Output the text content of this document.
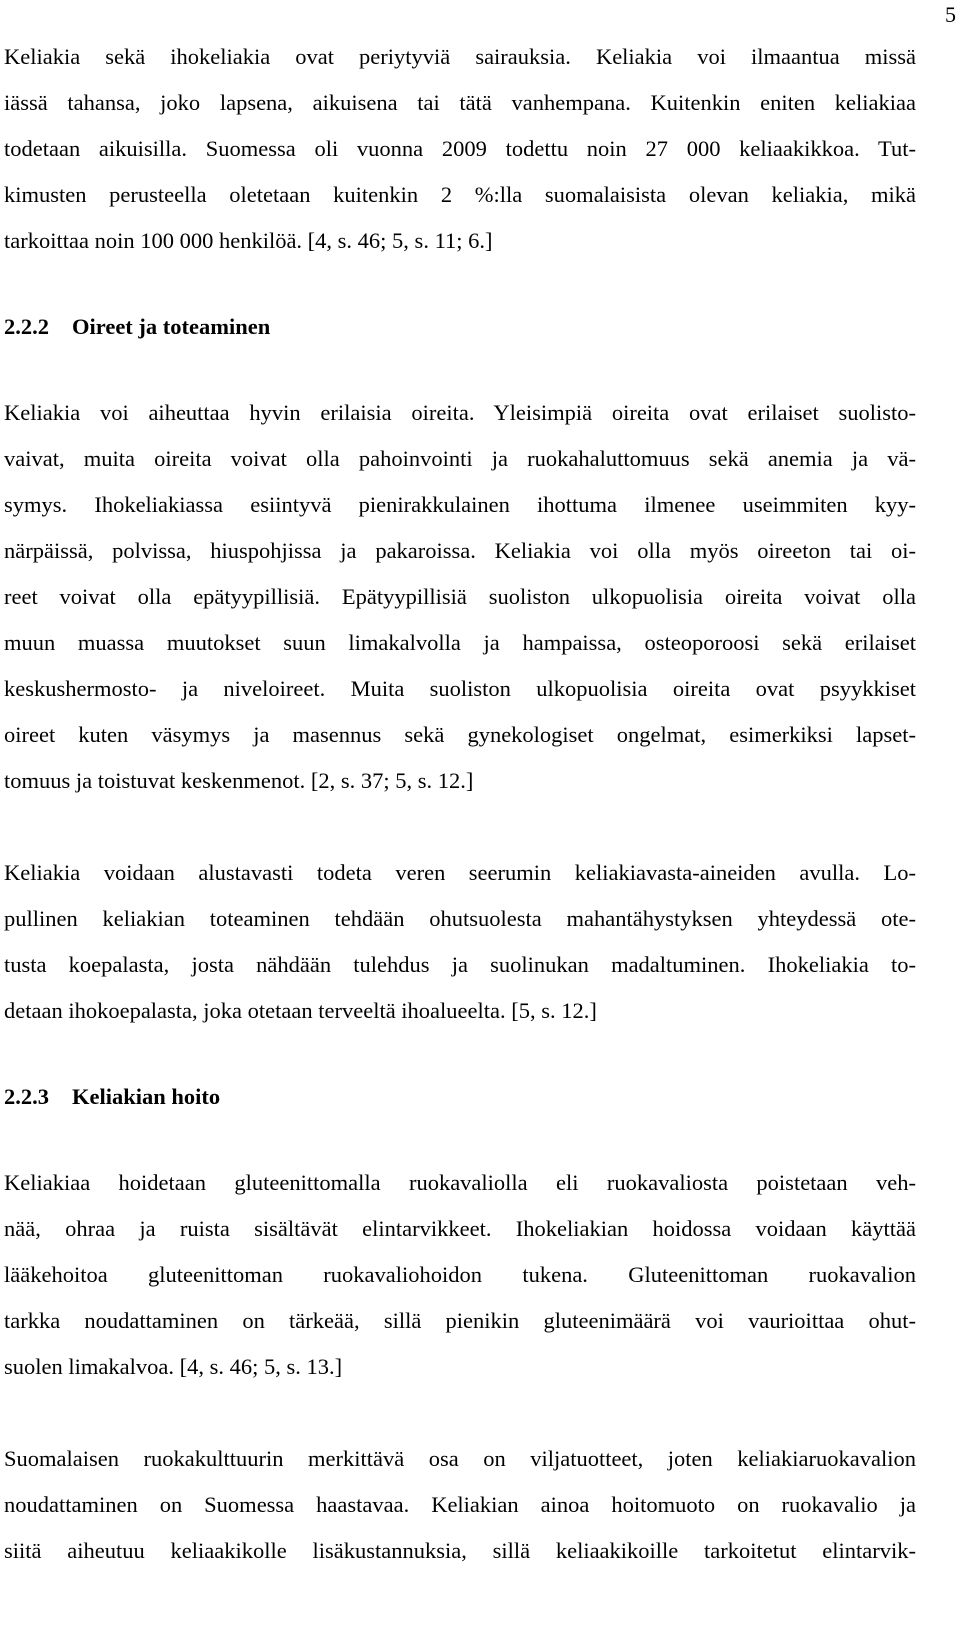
5
Keliakia sekä ihokeliakia ovat periytyviä sairauksia. Keliakia voi ilmaantua missä
iässä tahansa, joko lapsena, aikuisena tai tätä vanhempana. Kuitenkin eniten keliakiaa
todetaan aikuisilla. Suomessa oli vuonna 2009 todettu noin 27 000 keliaakikkoa. Tut-
kimusten perusteella oletetaan kuitenkin 2 %:lla suomalaisista olevan keliakia, mikä
tarkoittaa noin 100 000 henkilöä. [4, s. 46; 5, s. 11; 6.]
2.2.2 Oireet ja toteaminen
Keliakia voi aiheuttaa hyvin erilaisia oireita. Yleisimpiä oireita ovat erilaiset suolisto-
vaivat, muita oireita voivat olla pahoinvointi ja ruokahaluttomuus sekä anemia ja vä-
symys. Ihokeliakiassa esiintyvä pienirakkulainen ihottuma ilmenee useimmiten kyy-
närpäissä, polvissa, hiuspohjissa ja pakaroissa. Keliakia voi olla myös oireeton tai oi-
reet voivat olla epätyypillisiä. Epätyypillisiä suoliston ulkopuolisia oireita voivat olla
muun muassa muutokset suun limakalvolla ja hampaissa, osteoporoosi sekä erilaiset
keskushermosto- ja niveloireet. Muita suoliston ulkopuolisia oireita ovat psyykkiset
oireet kuten väsymys ja masennus sekä gynekologiset ongelmat, esimerkiksi lapset-
tomuus ja toistuvat keskenmenot. [2, s. 37; 5, s. 12.]
Keliakia voidaan alustavasti todeta veren seerumin keliakiavasta-aineiden avulla. Lo-
pullinen keliakian toteaminen tehdään ohutsuolesta mahantähystyksen yhteydessä ote-
tusta koepalasta, josta nähdään tulehdus ja suolinukan madaltuminen. Ihokeliakia to-
detaan ihokoepalasta, joka otetaan terveeltä ihoalueelta. [5, s. 12.]
2.2.3 Keliakian hoito
Keliakiaa hoidetaan gluteenittomalla ruokavaliolla eli ruokavaliosta poistetaan veh-
nää, ohraa ja ruista sisältävät elintarvikkeet. Ihokeliakian hoidossa voidaan käyttää
lääkehoitoa gluteenittoman ruokavaliohoidon tukena. Gluteenittoman ruokavalion
tarkka noudattaminen on tärkeää, sillä pienikin gluteenimäärä voi vaurioittaa ohut-
suolen limakalvoa. [4, s. 46; 5, s. 13.]
Suomalaisen ruokakulttuurin merkittävä osa on viljatuotteet, joten keliakiaruokavalion
noudattaminen on Suomessa haastavaa. Keliakian ainoa hoitomuoto on ruokavalio ja
siitä aiheutuu keliaakikolle lisäkustannuksia, sillä keliaakikoille tarkoitetut elintarvik-
